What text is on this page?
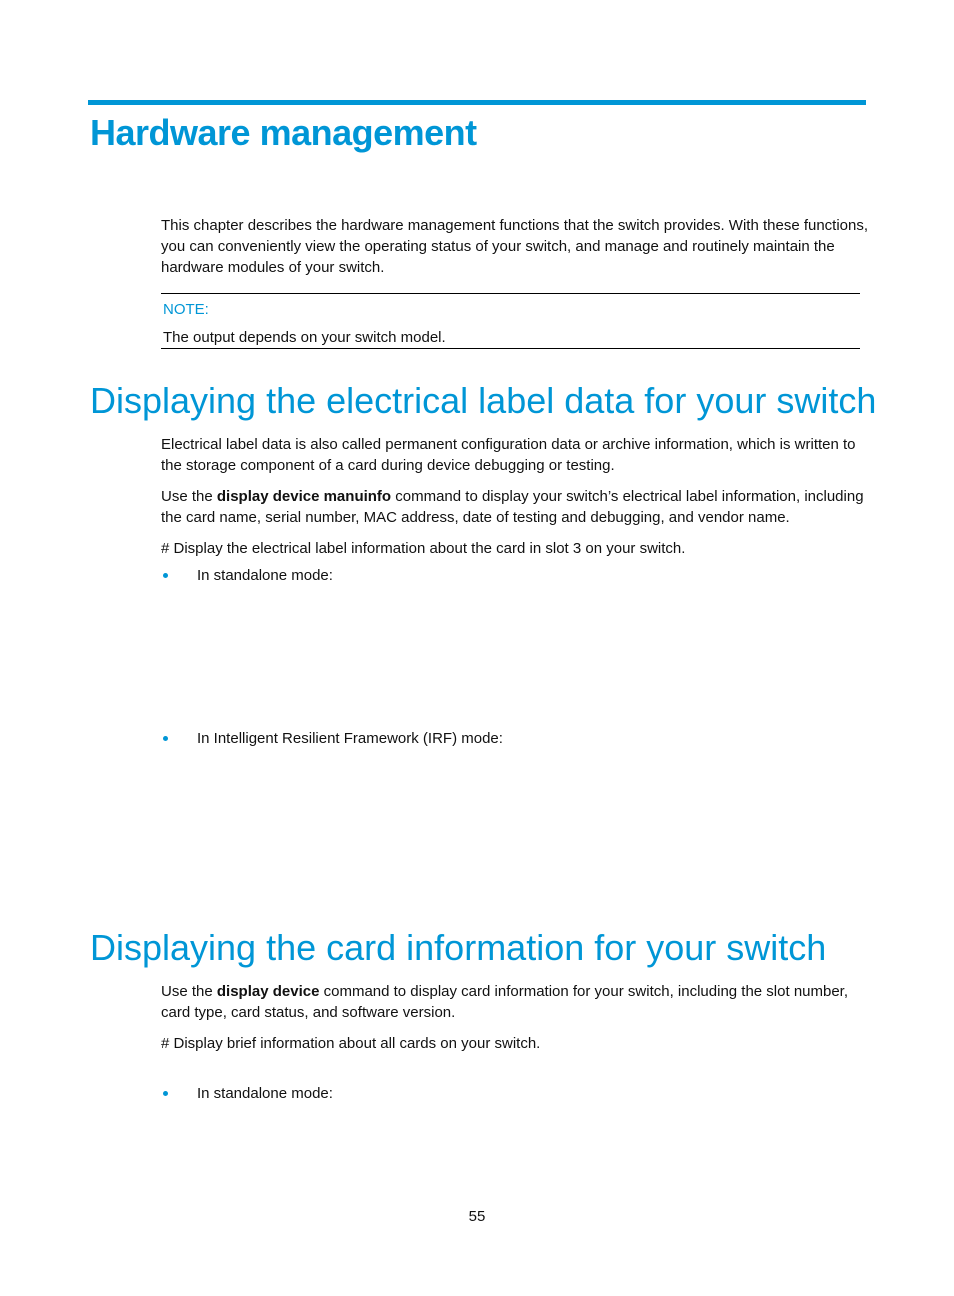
Hardware management

This chapter describes the hardware management functions that the switch provides. With these functions, you can conveniently view the operating status of your switch, and manage and routinely maintain the hardware modules of your switch.

NOTE:
The output depends on your switch model.
Displaying the electrical label data for your switch

Electrical label data is also called permanent configuration data or archive information, which is written to the storage component of a card during device debugging or testing.

Use the display device manuinfo command to display your switch’s electrical label information, including the card name, serial number, MAC address, date of testing and debugging, and vendor name.

# Display the electrical label information about the card in slot 3 on your switch.

In standalone mode:
In Intelligent Resilient Framework (IRF) mode:
Displaying the card information for your switch

Use the display device command to display card information for your switch, including the slot number, card type, card status, and software version.

# Display brief information about all cards on your switch.

In standalone mode:
55
